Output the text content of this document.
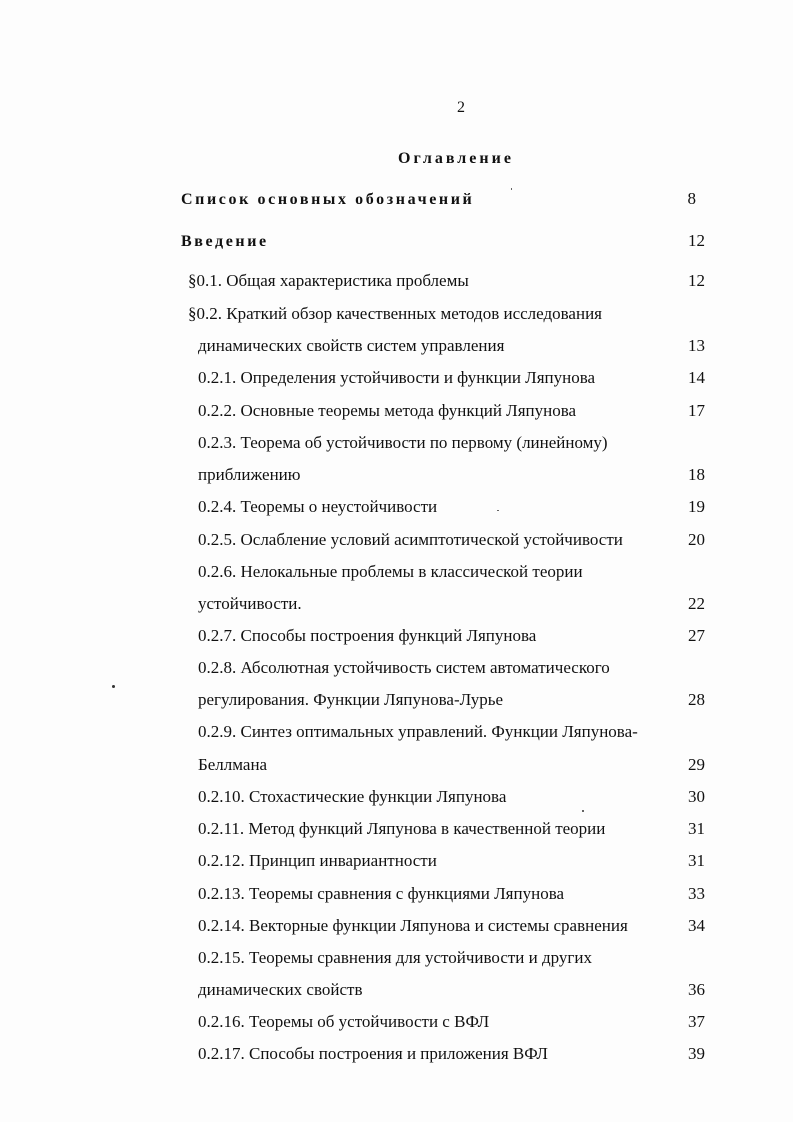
2
Оглавление
Список основных обозначений	8
Введение	12
§0.1. Общая характеристика проблемы	12
§0.2. Краткий обзор качественных методов исследования
динамических свойств систем управления	13
0.2.1. Определения устойчивости и функции Ляпунова	14
0.2.2. Основные теоремы метода функций Ляпунова	17
0.2.3. Теорема об устойчивости по первому (линейному)
приближению	18
0.2.4. Теоремы о неустойчивости	19
0.2.5. Ослабление условий асимптотической устойчивости	20
0.2.6. Нелокальные проблемы в классической теории
устойчивости.	22
0.2.7. Способы построения функций Ляпунова	27
0.2.8. Абсолютная устойчивость систем автоматического
регулирования. Функции Ляпунова-Лурье	28
0.2.9. Синтез оптимальных управлений. Функции Ляпунова-
Беллмана	29
0.2.10. Стохастические функции Ляпунова	30
0.2.11. Метод функций Ляпунова в качественной теории	31
0.2.12. Принцип инвариантности	31
0.2.13. Теоремы сравнения с функциями Ляпунова	33
0.2.14. Векторные функции Ляпунова и системы сравнения	34
0.2.15. Теоремы сравнения для устойчивости и других
динамических свойств	36
0.2.16. Теоремы об устойчивости с ВФЛ	37
0.2.17. Способы построения и приложения ВФЛ	39
